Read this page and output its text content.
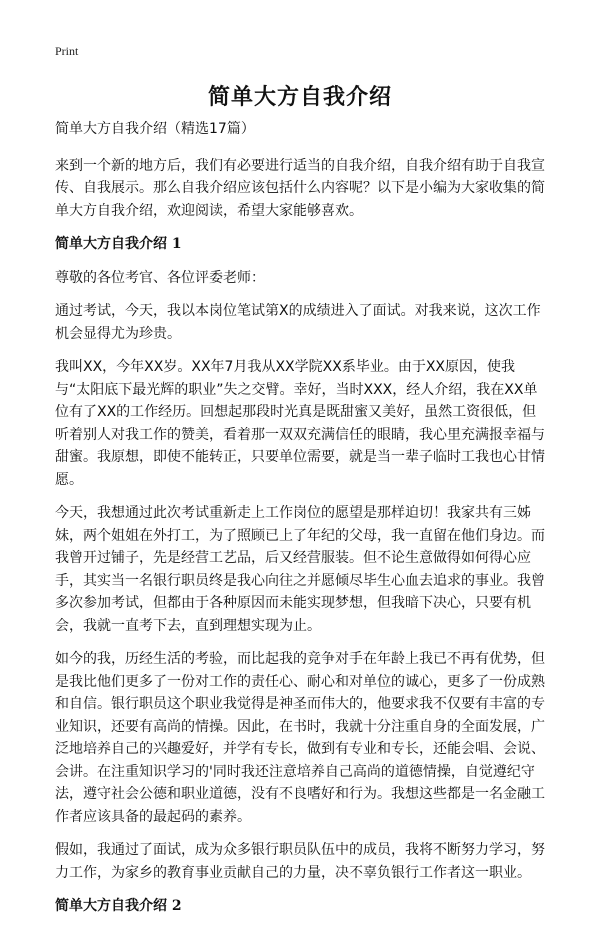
Print
简单大方自我介绍

简单大方自我介绍（精选17篇）

来到一个新的地方后，我们有必要进行适当的自我介绍，自我介绍有助于自我宣传、自我展示。那么自我介绍应该包括什么内容呢？以下是小编为大家收集的简单大方自我介绍，欢迎阅读，希望大家能够喜欢。

简单大方自我介绍 1

尊敬的各位考官、各位评委老师：

通过考试，今天，我以本岗位笔试第X的成绩进入了面试。对我来说，这次工作机会显得尤为珍贵。

我叫XX，今年XX岁。XX年7月我从XX学院XX系毕业。由于XX原因，使我与“太阳底下最光辉的职业”失之交臂。幸好，当时XXX，经人介绍，我在XX单位有了XX的工作经历。回想起那段时光真是既甜蜜又美好，虽然工资很低，但听着别人对我工作的赞美，看着那一双双充满信任的眼睛，我心里充满报幸福与甜蜜。我原想，即使不能转正，只要单位需要，就是当一辈子临时工我也心甘情愿。

今天，我想通过此次考试重新走上工作岗位的愿望是那样迫切！我家共有三姊妹，两个姐姐在外打工，为了照顾已上了年纪的父母，我一直留在他们身边。而我曾开过铺子，先是经营工艺品，后又经营服装。但不论生意做得如何得心应手，其实当一名银行职员终是我心向往之并愿倾尽毕生心血去追求的事业。我曾多次参加考试，但都由于各种原因而未能实现梦想，但我暗下决心，只要有机会，我就一直考下去，直到理想实现为止。

如今的我，历经生活的考验，而比起我的竞争对手在年龄上我已不再有优势，但是我比他们更多了一份对工作的责任心、耐心和对单位的诚心，更多了一份成熟和自信。银行职员这个职业我觉得是神圣而伟大的，他要求我不仅要有丰富的专业知识，还要有高尚的情操。因此，在书时，我就十分注重自身的全面发展，广泛地培养自己的兴趣爱好，并学有专长，做到有专业和专长，还能会唱、会说、会讲。在注重知识学习的'同时我还注意培养自己高尚的道德情操，自觉遵纪守法，遵守社会公德和职业道德，没有不良嗜好和行为。我想这些都是一名金融工作者应该具备的最起码的素养。

假如，我通过了面试，成为众多银行职员队伍中的成员，我将不断努力学习，努力工作，为家乡的教育事业贡献自己的力量，决不辜负银行工作者这一职业。

简单大方自我介绍 2
